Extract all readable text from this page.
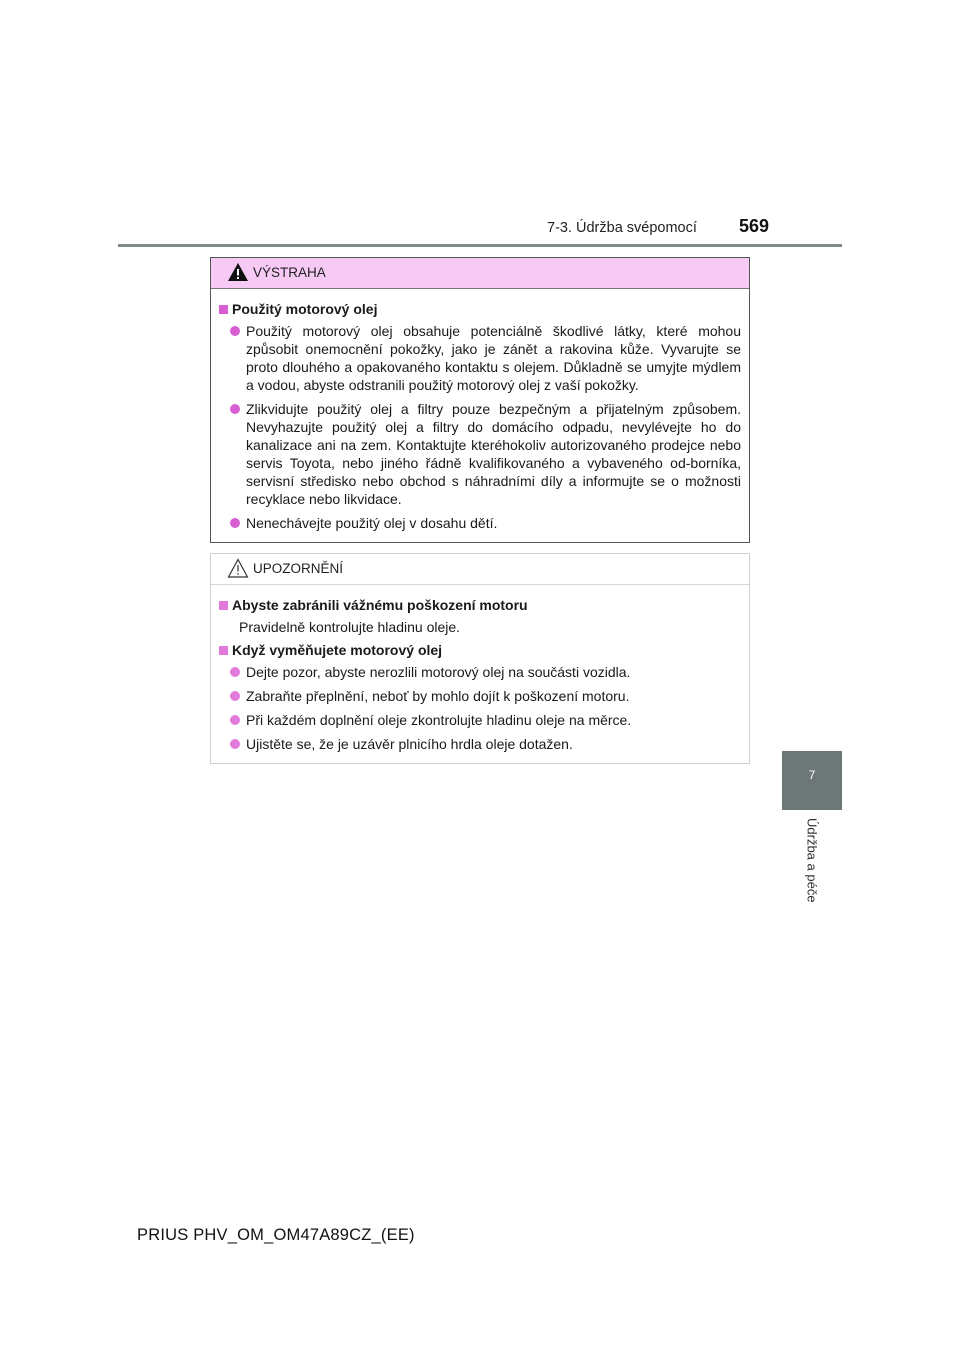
7-3. Údržba svépomocí 569
7
Údržba a péče
VÝSTRAHA
Použitý motorový olej
Použitý motorový olej obsahuje potenciálně škodlivé látky, které mohou způsobit onemocnění pokožky, jako je zánět a rakovina kůže. Vyvarujte se proto dlouhého a opakovaného kontaktu s olejem. Důkladně se umyjte mýdlem a vodou, abyste odstranili použitý motorový olej z vaší pokožky.
Zlikvidujte použitý olej a filtry pouze bezpečným a přijatelným způsobem. Nevyhazujte použitý olej a filtry do domácího odpadu, nevylévejte ho do kanalizace ani na zem. Kontaktujte kteréhokoliv autorizovaného prodejce nebo servis Toyota, nebo jiného řádně kvalifikovaného a vybaveného od-borníka, servisní středisko nebo obchod s náhradními díly a informujte se o možnosti recyklace nebo likvidace.
Nenechávejte použitý olej v dosahu dětí.
UPOZORNĚNÍ
Abyste zabránili vážnému poškození motoru
Pravidelně kontrolujte hladinu oleje.
Když vyměňujete motorový olej
Dejte pozor, abyste nerozlili motorový olej na součásti vozidla.
Zabraňte přeplnění, neboť by mohlo dojít k poškození motoru.
Při každém doplnění oleje zkontrolujte hladinu oleje na měrce.
Ujistěte se, že je uzávěr plnicího hrdla oleje dotažen.
PRIUS PHV_OM_OM47A89CZ_(EE)
